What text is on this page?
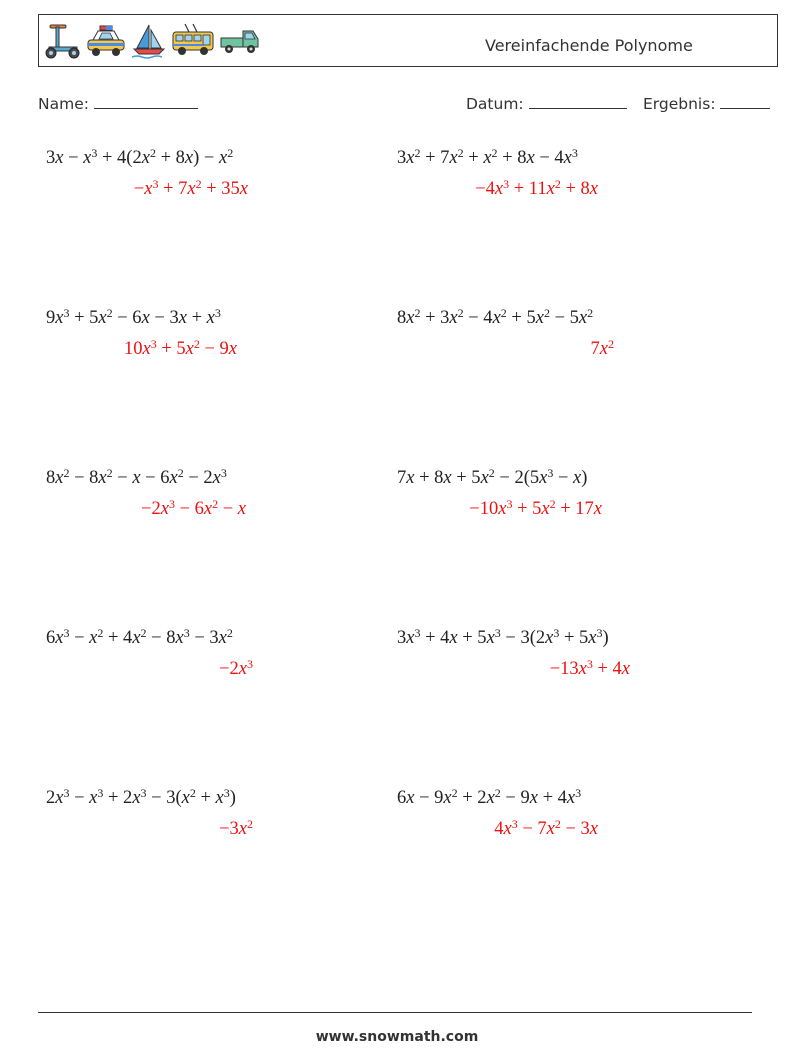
Vereinfachende Polynome
Name:	Datum:	Ergebnis:
$3x - x^3 + 4(2x^2 + 8x) - x^2$
$-x^3 + 7x^2 + 35x$
$3x^2 + 7x^2 + x^2 + 8x - 4x^3$
$-4x^3 + 11x^2 + 8x$
$9x^3 + 5x^2 - 6x - 3x + x^3$
$10x^3 + 5x^2 - 9x$
$8x^2 + 3x^2 - 4x^2 + 5x^2 - 5x^2$
$7x^2$
$8x^2 - 8x^2 - x - 6x^2 - 2x^3$
$-2x^3 - 6x^2 - x$
$7x + 8x + 5x^2 - 2(5x^3 - x)$
$-10x^3 + 5x^2 + 17x$
$6x^3 - x^2 + 4x^2 - 8x^3 - 3x^2$
$-2x^3$
$3x^3 + 4x + 5x^3 - 3(2x^3 + 5x^3)$
$-13x^3 + 4x$
$2x^3 - x^3 + 2x^3 - 3(x^2 + x^3)$
$-3x^2$
$6x - 9x^2 + 2x^2 - 9x + 4x^3$
$4x^3 - 7x^2 - 3x$
www.snowmath.com
